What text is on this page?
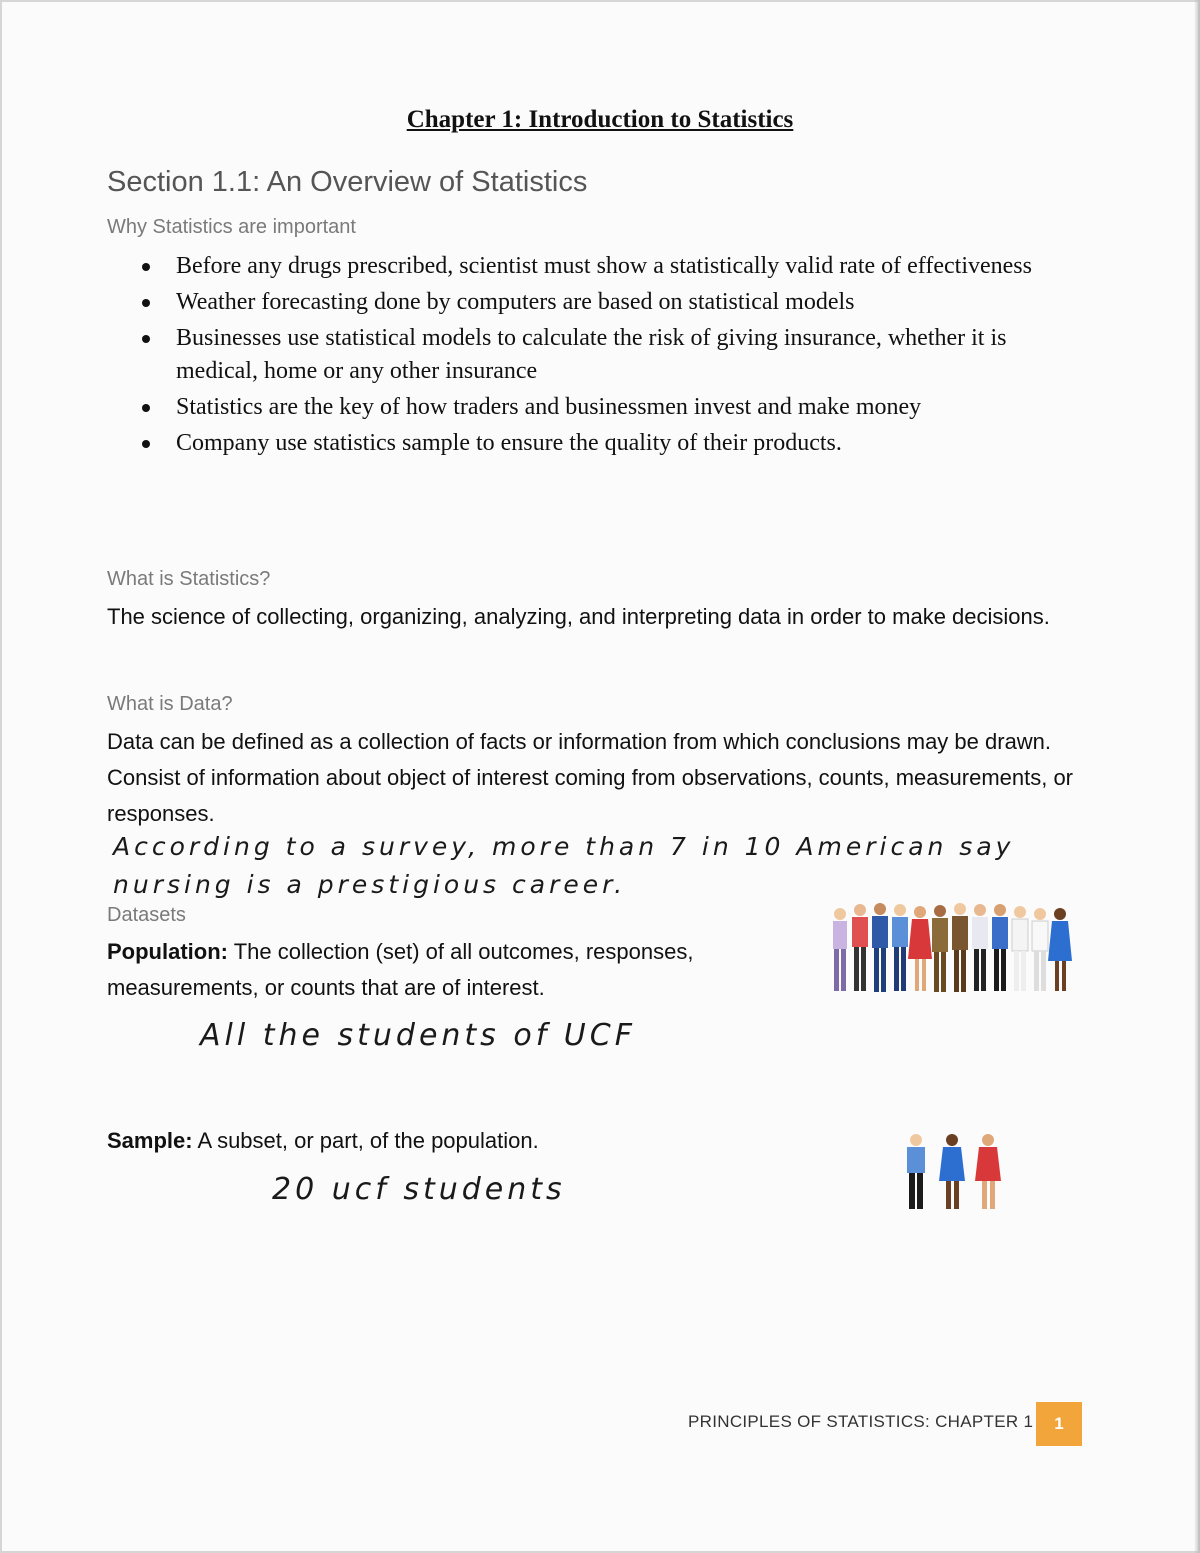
Chapter 1: Introduction to Statistics
Section 1.1: An Overview of Statistics
Why Statistics are important
Before any drugs prescribed, scientist must show a statistically valid rate of effectiveness
Weather forecasting done by computers are based on statistical models
Businesses use statistical models to calculate the risk of giving insurance, whether it is medical, home or any other insurance
Statistics are the key of how traders and businessmen invest and make money
Company use statistics sample to ensure the quality of their products.
What is Statistics?
The science of collecting, organizing, analyzing, and interpreting data in order to make decisions.
What is Data?
Data can be defined as a collection of facts or information from which conclusions may be drawn. Consist of information about object of interest coming from observations, counts, measurements, or responses.
According to a survey, more than 7 in 10 American say nursing is a prestigious career.
Datasets
Population: The collection (set) of all outcomes, responses, measurements, or counts that are of interest.
All the students of UCF
Sample: A subset, or part, of the population.
20 ucf students
PRINCIPLES OF STATISTICS: CHAPTER 1	1
